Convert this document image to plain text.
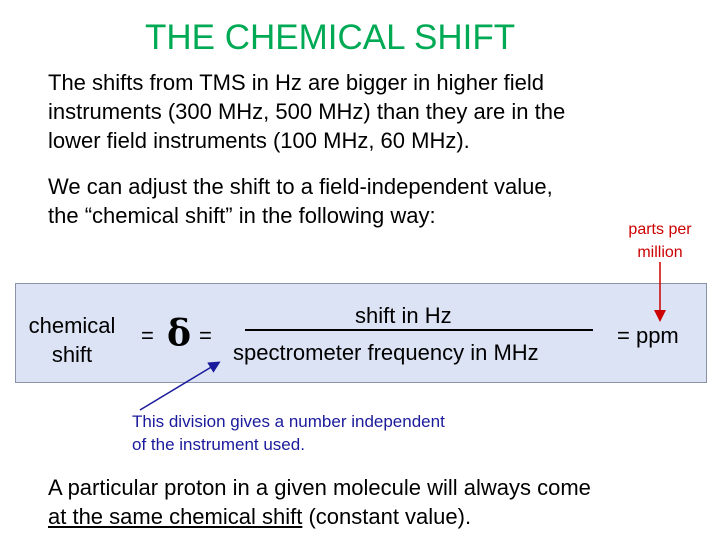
THE CHEMICAL SHIFT
The shifts from TMS in Hz are bigger in higher field
instruments (300 MHz, 500 MHz) than they are in the
lower field instruments (100 MHz, 60 MHz).
We can adjust the shift to a field-independent value,
the “chemical shift” in the following way:
parts per
million
chemical
shift
= δ =
shift in Hz
spectrometer frequency in MHz
= ppm
This division gives a number independent
of the instrument used.
A particular proton in a given molecule will always come
at the same chemical shift (constant value).
